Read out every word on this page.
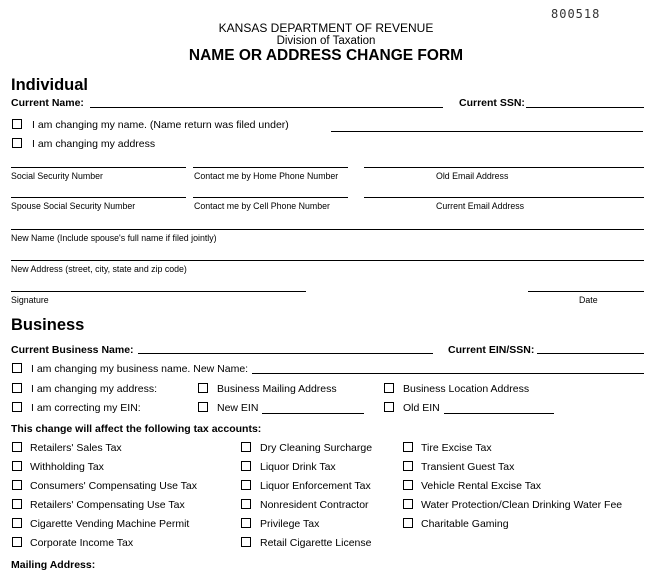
800518
KANSAS DEPARTMENT OF REVENUE
Division of Taxation
NAME OR ADDRESS CHANGE FORM
Individual
Current Name:	Current SSN:
I am changing my name. (Name return was filed under)
I am changing my address
Social Security Number	Contact me by Home Phone Number	Old Email Address
Spouse Social Security Number	Contact me by Cell Phone Number	Current Email Address
New Name (Include spouse's full name if filed jointly)
New Address (street, city, state and zip code)
Signature	Date
Business
Current Business Name:	Current EIN/SSN:
I am changing my business name. New Name:
I am changing my address:	Business Mailing Address	Business Location Address
I am correcting my EIN:	New EIN	Old EIN
This change will affect the following tax accounts:
Retailers' Sales Tax	Dry Cleaning Surcharge	Tire Excise Tax
Withholding Tax	Liquor Drink Tax	Transient Guest Tax
Consumers' Compensating Use Tax	Liquor Enforcement Tax	Vehicle Rental Excise Tax
Retailers' Compensating Use Tax	Nonresident Contractor	Water Protection/Clean Drinking Water Fee
Cigarette Vending Machine Permit	Privilege Tax	Charitable Gaming
Corporate Income Tax	Retail Cigarette License
Mailing Address:
